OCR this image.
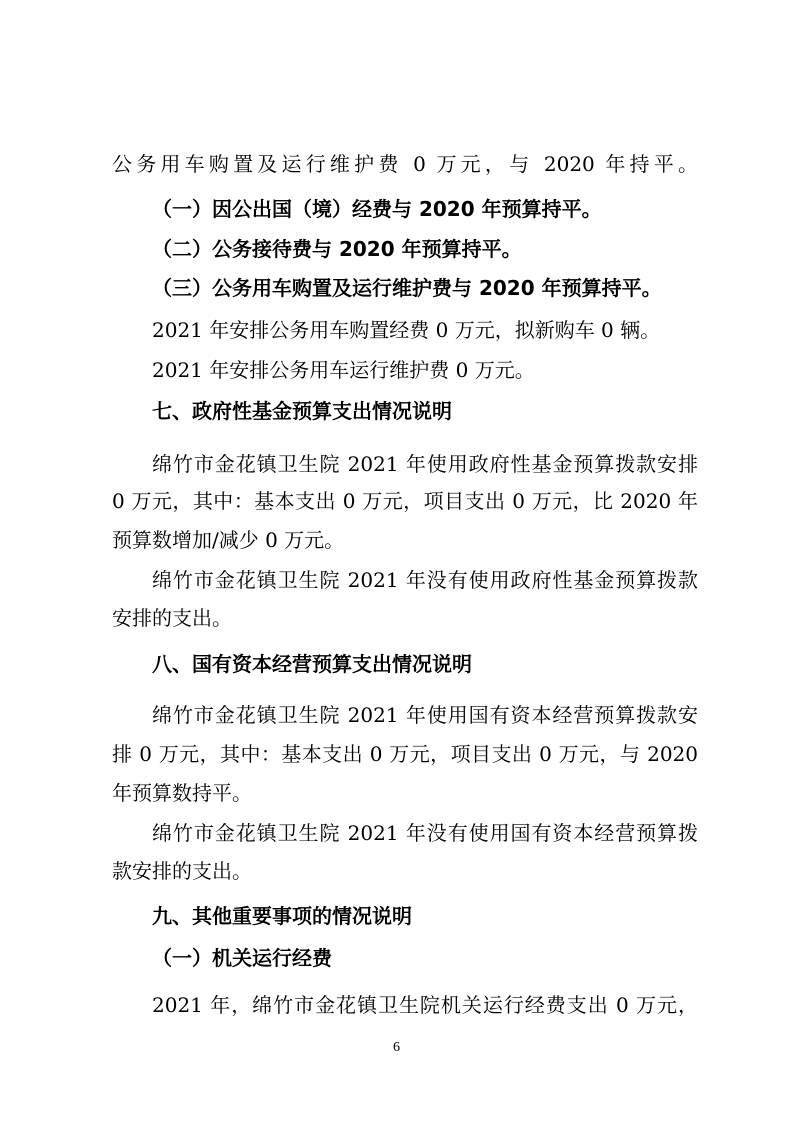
公务用车购置及运行维护费 0 万元，与 2020 年持平。
（一）因公出国（境）经费与 2020 年预算持平。
（二）公务接待费与 2020 年预算持平。
（三）公务用车购置及运行维护费与 2020 年预算持平。
2021 年安排公务用车购置经费 0 万元，拟新购车 0 辆。
2021 年安排公务用车运行维护费 0 万元。
七、政府性基金预算支出情况说明
绵竹市金花镇卫生院 2021 年使用政府性基金预算拨款安排
0 万元，其中：基本支出 0 万元，项目支出 0 万元，比 2020 年
预算数增加/减少 0 万元。
绵竹市金花镇卫生院 2021 年没有使用政府性基金预算拨款
安排的支出。
八、国有资本经营预算支出情况说明
绵竹市金花镇卫生院 2021 年使用国有资本经营预算拨款安
排 0 万元，其中：基本支出 0 万元，项目支出 0 万元，与 2020
年预算数持平。
绵竹市金花镇卫生院 2021 年没有使用国有资本经营预算拨
款安排的支出。
九、其他重要事项的情况说明
（一）机关运行经费
2021 年，绵竹市金花镇卫生院机关运行经费支出 0 万元，
6
